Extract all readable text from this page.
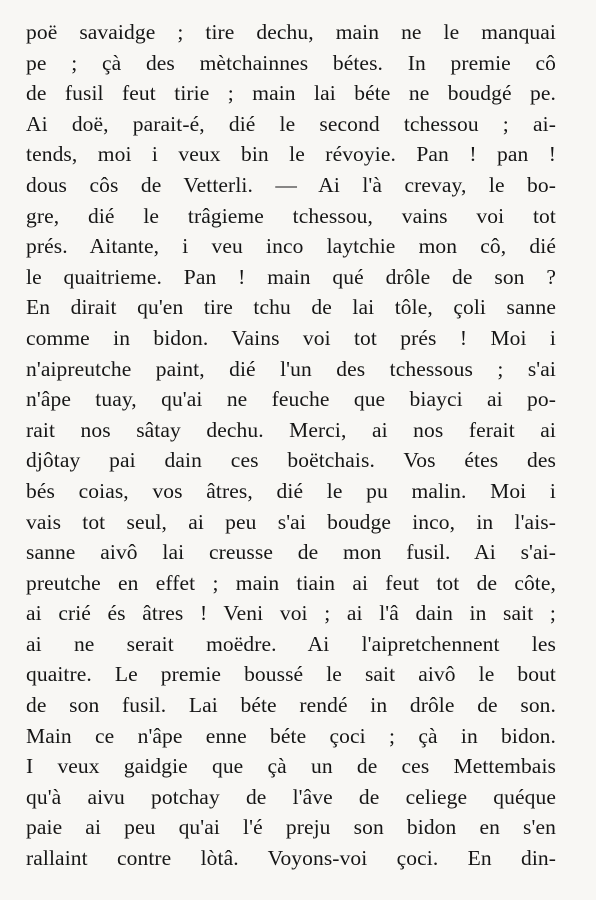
poë savaidge ; tire dechu, main ne le manquai
pe ; çà des mètchainnes bétes. In premie cô
de fusil feut tirie ; main lai béte ne boudgé pe.
Ai doë, parait-é, dié le second tchessou ; ai-
tends, moi i veux bin le révoyie. Pan ! pan !
dous côs de Vetterli. — Ai l'à crevay, le bo-
gre, dié le trâgieme tchessou, vains voi tot
prés. Aitante, i veu inco laytchie mon cô, dié
le quaitrieme. Pan ! main qué drôle de son ?
En dirait qu'en tire tchu de lai tôle, çoli sanne
comme in bidon. Vains voi tot prés ! Moi i
n'aipreutche paint, dié l'un des tchessous ; s'ai
n'âpe tuay, qu'ai ne feuche que biayci ai po-
rait nos sâtay dechu. Merci, ai nos ferait ai
djôtay pai dain ces boëtchais. Vos étes des
bés coias, vos âtres, dié le pu malin. Moi i
vais tot seul, ai peu s'ai boudge inco, in l'ais-
sanne aivô lai creusse de mon fusil. Ai s'ai-
preutche en effet ; main tiain ai feut tot de côte,
ai crié és âtres ! Veni voi ; ai l'â dain in sait ;
ai ne serait moëdre. Ai l'aipretchennent les
quaitre. Le premie boussé le sait aivô le bout
de son fusil. Lai béte rendé in drôle de son.
Main ce n'âpe enne béte çoci ; çà in bidon.
I veux gaidgie que çà un de ces Mettembais
qu'à aivu potchay de l'âve de celiege quéque
paie ai peu qu'ai l'é preju son bidon en s'en
rallaint contre lòtâ. Voyons-voi çoci. En din-
